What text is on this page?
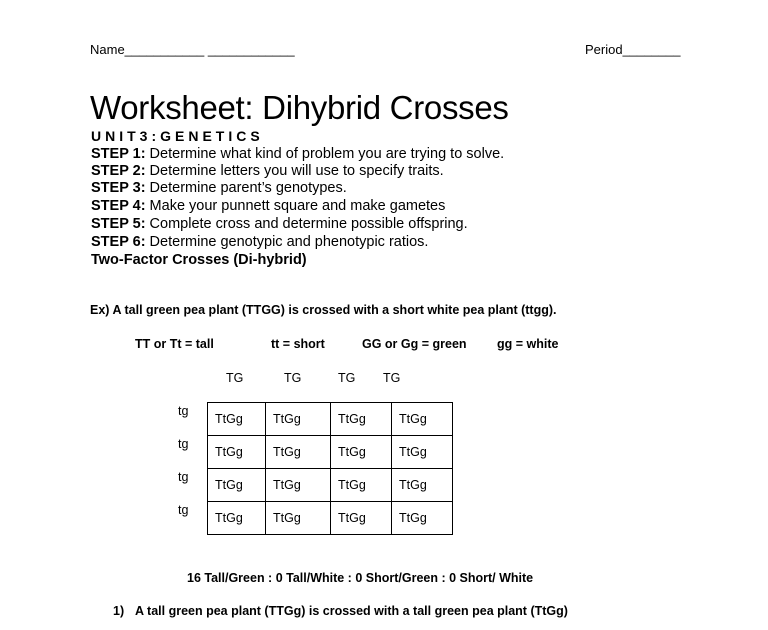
Name___________ ____________	Period________
Worksheet: Dihybrid Crosses
UNIT3:GENETICS
STEP 1: Determine what kind of problem you are trying to solve.
STEP 2: Determine letters you will use to specify traits.
STEP 3: Determine parent’s genotypes.
STEP 4: Make your punnett square and make gametes
STEP 5: Complete cross and determine possible offspring.
STEP 6: Determine genotypic and phenotypic ratios.
Two-Factor Crosses (Di-hybrid)
Ex) A tall green pea plant (TTGG) is crossed with a short white pea plant (ttgg).
TT or Tt = tall	tt = short	GG or Gg = green gg = white
TG	TG	TG TG
tg
tg
tg
tg
TtGg	TtGg	TtGg	TtGg
TtGg	TtGg	TtGg	TtGg
TtGg	TtGg	TtGg	TtGg
TtGg	TtGg	TtGg	TtGg
16 Tall/Green : 0 Tall/White : 0 Short/Green : 0 Short/ White
1) A tall green pea plant (TTGg) is crossed with a tall green pea plant (TtGg)
